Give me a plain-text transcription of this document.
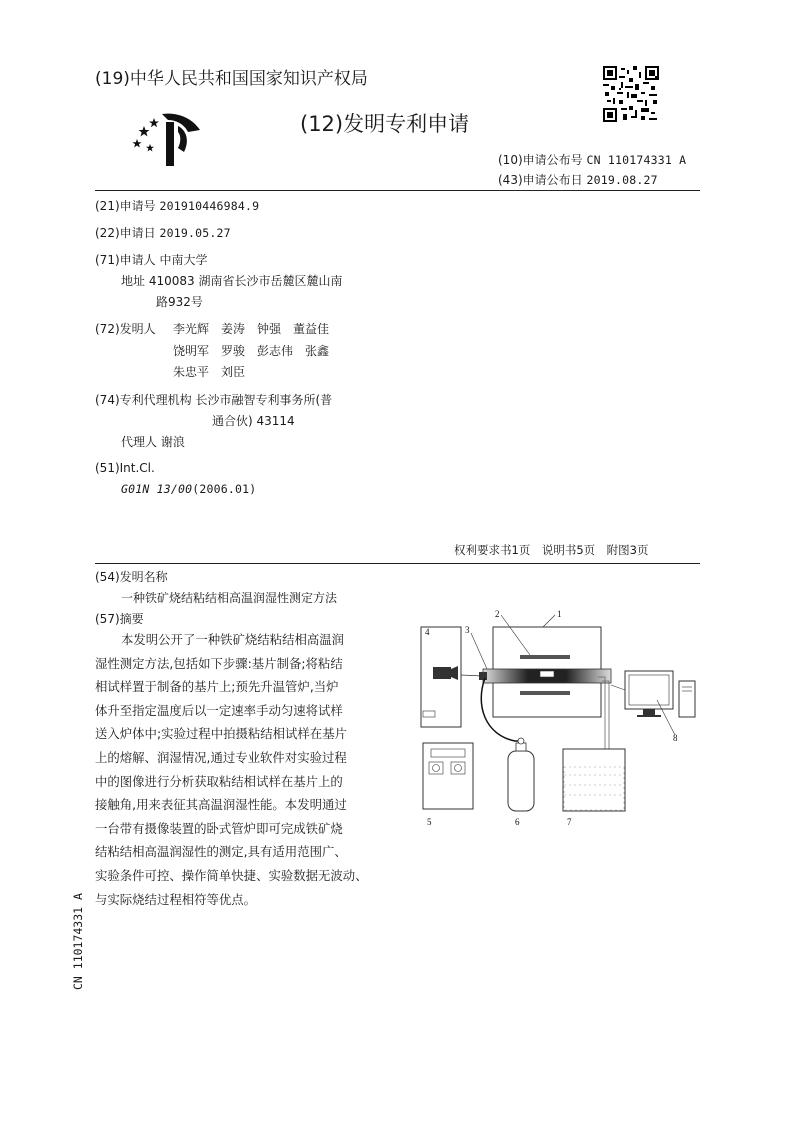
(19)中华人民共和国国家知识产权局
(12)发明专利申请
(10)申请公布号 CN 110174331 A
(43)申请公布日 2019.08.27
(21)申请号 201910446984.9
(22)申请日 2019.05.27
(71)申请人 中南大学
地址 410083 湖南省长沙市岳麓区麓山南
路932号
(72)发明人 李光辉　姜涛　钟强　董益佳
饶明军　罗骏　彭志伟　张鑫
朱忠平　刘臣
(74)专利代理机构 长沙市融智专利事务所(普
通合伙) 43114
代理人 谢浪
(51)Int.Cl.
G01N 13/00(2006.01)
权利要求书1页　说明书5页　附图3页
(54)发明名称
一种铁矿烧结粘结相高温润湿性测定方法
(57)摘要
本发明公开了一种铁矿烧结粘结相高温润
湿性测定方法,包括如下步骤:基片制备;将粘结
相试样置于制备的基片上;预先升温管炉,当炉
体升至指定温度后以一定速率手动匀速将试样
送入炉体中;实验过程中拍摄粘结相试样在基片
上的熔解、润湿情况,通过专业软件对实验过程
中的图像进行分析获取粘结相试样在基片上的
接触角,用来表征其高温润湿性能。本发明通过
一台带有摄像装置的卧式管炉即可完成铁矿烧
结粘结相高温润湿性的测定,具有适用范围广、
实验条件可控、操作简单快捷、实验数据无波动、
与实际烧结过程相符等优点。
1
2
3
4
5	6	7
8
CN 110174331 A
